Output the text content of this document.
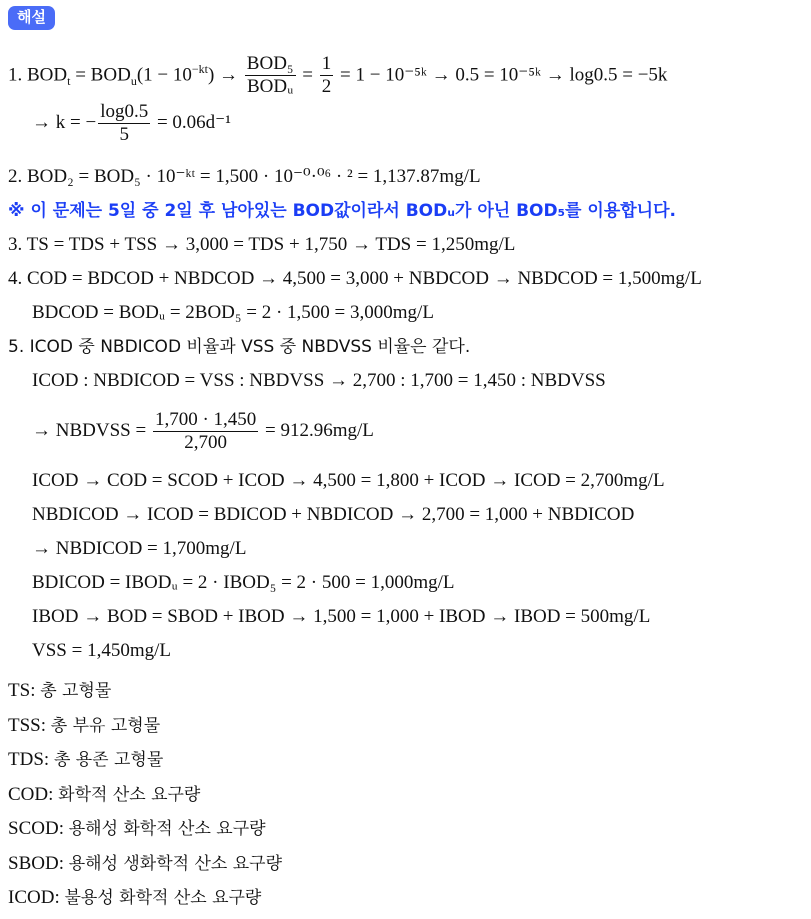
해설
1. $BOD_t = BOD_u(1 - 10^{-kt}) \to \frac{\text{BOD₅}}{\text{BODᵤ}} = \frac{1}{2} = 1$ − 10⁻⁵ᵏ → 0.5 = 10⁻⁵ᵏ → log0.5 = −5k
→ k = − $\frac{\log 0.5}{5} = 0.06d^{-1}$
2. BOD₂ = BOD₅ · 10⁻ᵏᵗ = 1,500 · 10⁻⁰·⁰⁶ · ² = 1,137.87mg/L
※ 이 문제는 5일 중 2일 후 남아있는 BOD값이라서 BODᵤ가 아닌 BOD₅를 이용합니다.
3. TS = TDS + TSS → 3,000 = TDS + 1,750 → TDS = 1,250mg/L
4. COD = BDCOD + NBDCOD → 4,500 = 3,000 + NBDCOD → NBDCOD = 1,500mg/L
BDCOD = BODᵤ = 2BOD₅ = 2 · 1,500 = 3,000mg/L
5. ICOD 중 NBDICOD 비율과 VSS 중 NBDVSS 비율은 같다.
ICOD : NBDICOD = VSS : NBDVSS → 2,700 : 1,700 = 1,450 : NBDVSS
→ NBDVSS = $\frac{1,700 \cdot 1,450}{2,700} = 912.96mg/L$
ICOD → COD = SCOD + ICOD → 4,500 = 1,800 + ICOD → ICOD = 2,700mg/L
NBDICOD → ICOD = BDICOD + NBDICOD → 2,700 = 1,000 + NBDICOD
→ NBDICOD = 1,700mg/L
BDICOD = IBODᵤ = 2 · IBOD₅ = 2 · 500 = 1,000mg/L
IBOD → BOD = SBOD + IBOD → 1,500 = 1,000 + IBOD → IBOD = 500mg/L
VSS = 1,450mg/L
TS: 총 고형물
TSS: 총 부유 고형물
TDS: 총 용존 고형물
COD: 화학적 산소 요구량
SCOD: 용해성 화학적 산소 요구량
SBOD: 용해성 생화학적 산소 요구량
ICOD: 불용성 화학적 산소 요구량
